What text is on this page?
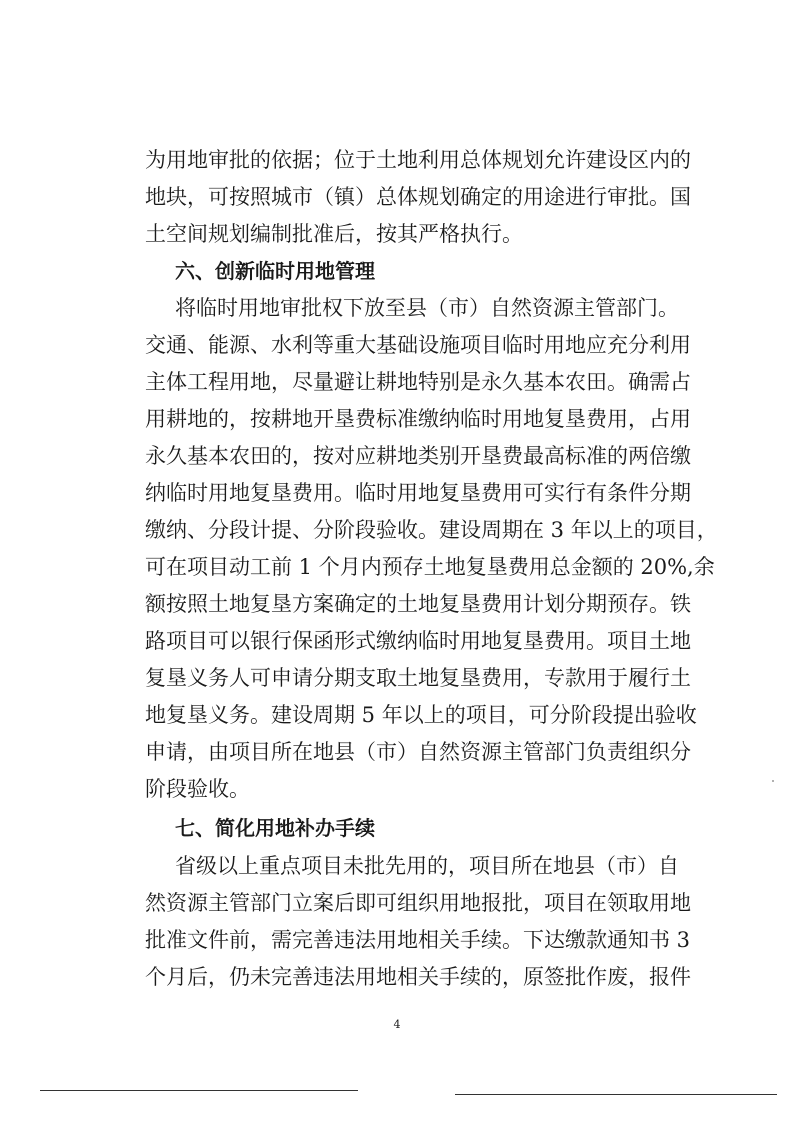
为用地审批的依据；位于土地利用总体规划允许建设区内的
地块，可按照城市（镇）总体规划确定的用途进行审批。国
土空间规划编制批准后，按其严格执行。
六、创新临时用地管理
将临时用地审批权下放至县（市）自然资源主管部门。
交通、能源、水利等重大基础设施项目临时用地应充分利用
主体工程用地，尽量避让耕地特别是永久基本农田。确需占
用耕地的，按耕地开垦费标准缴纳临时用地复垦费用，占用
永久基本农田的，按对应耕地类别开垦费最高标准的两倍缴
纳临时用地复垦费用。临时用地复垦费用可实行有条件分期
缴纳、分段计提、分阶段验收。建设周期在 3 年以上的项目，
可在项目动工前 1 个月内预存土地复垦费用总金额的 20%,余
额按照土地复垦方案确定的土地复垦费用计划分期预存。铁
路项目可以银行保函形式缴纳临时用地复垦费用。项目土地
复垦义务人可申请分期支取土地复垦费用，专款用于履行土
地复垦义务。建设周期 5 年以上的项目，可分阶段提出验收
申请，由项目所在地县（市）自然资源主管部门负责组织分
阶段验收。
七、简化用地补办手续
省级以上重点项目未批先用的，项目所在地县（市）自
然资源主管部门立案后即可组织用地报批，项目在领取用地
批准文件前，需完善违法用地相关手续。下达缴款通知书 3
个月后，仍未完善违法用地相关手续的，原签批作废，报件
4
